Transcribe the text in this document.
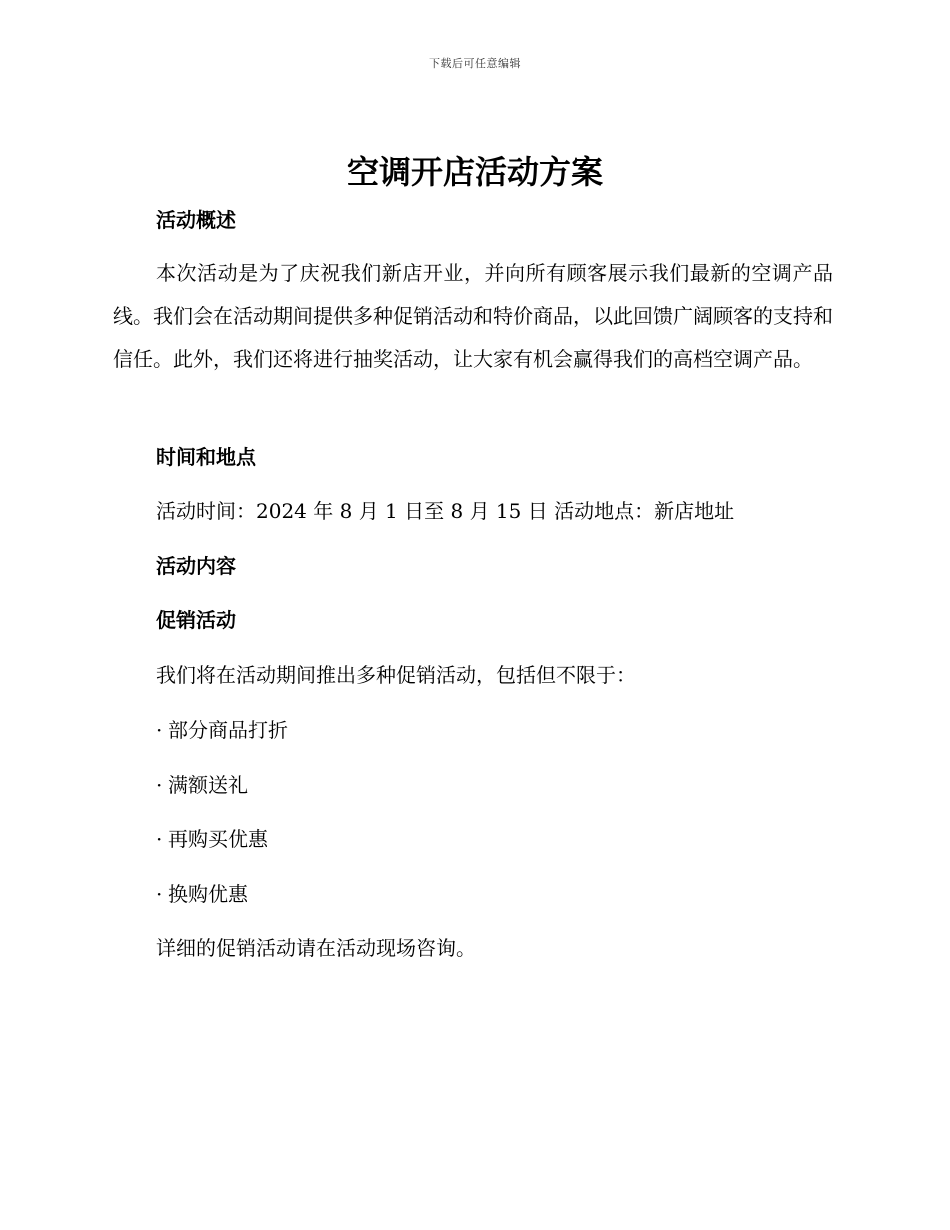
下载后可任意编辑
空调开店活动方案
活动概述

本次活动是为了庆祝我们新店开业，并向所有顾客展示我们最新的空调产品线。我们会在活动期间提供多种促销活动和特价商品，以此回馈广阔顾客的支持和信任。此外，我们还将进行抽奖活动，让大家有机会赢得我们的高档空调产品。

时间和地点

活动时间：2024 年 8 月 1 日至 8 月 15 日 活动地点：新店地址

活动内容
促销活动

我们将在活动期间推出多种促销活动，包括但不限于：

· 部分商品打折

· 满额送礼

· 再购买优惠

· 换购优惠

详细的促销活动请在活动现场咨询。
